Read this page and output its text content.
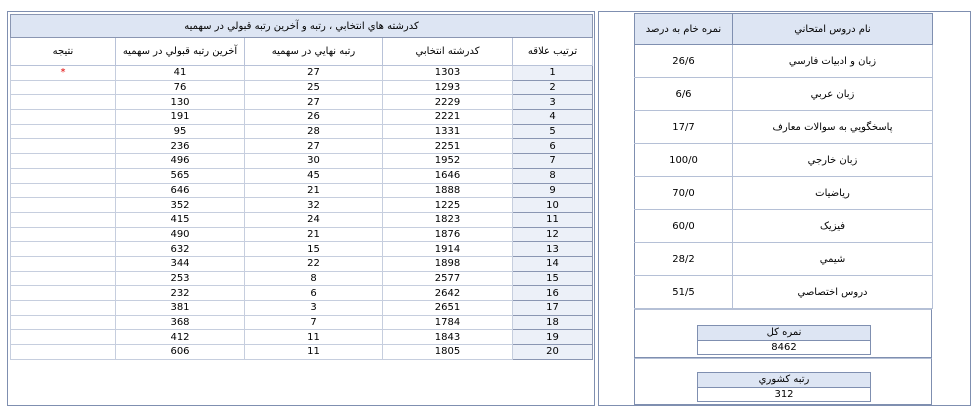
کدرشته هاي انتخابي ، رتبه و آخرين رتبه قبولي در سهميه				
نتيجه	آخرين رتبه قبولي در سهميه	رتبه نهايي در سهميه	کدرشته انتخابي	ترتيب علاقه
*	41	27	1303	1
	76	25	1293	2
	130	27	2229	3
	191	26	2221	4
	95	28	1331	5
	236	27	2251	6
	496	30	1952	7
	565	45	1646	8
	646	21	1888	9
	352	32	1225	10
	415	24	1823	11
	490	21	1876	12
	632	15	1914	13
	344	22	1898	14
	253	8	2577	15
	232	6	2642	16
	381	3	2651	17
	368	7	1784	18
	412	11	1843	19
	606	11	1805	20
نمره خام به درصد	نام دروس امتحاني
26/6	زبان و ادبيات فارسي
6/6	زبان عربي
17/7	پاسخگويي به سوالات معارف
100/0	زبان خارجي
70/0	رياضيات
60/0	فيزيک
28/2	شيمي
51/5	دروس اختصاصي
نمره کل
8462
رتبه کشوري
312
